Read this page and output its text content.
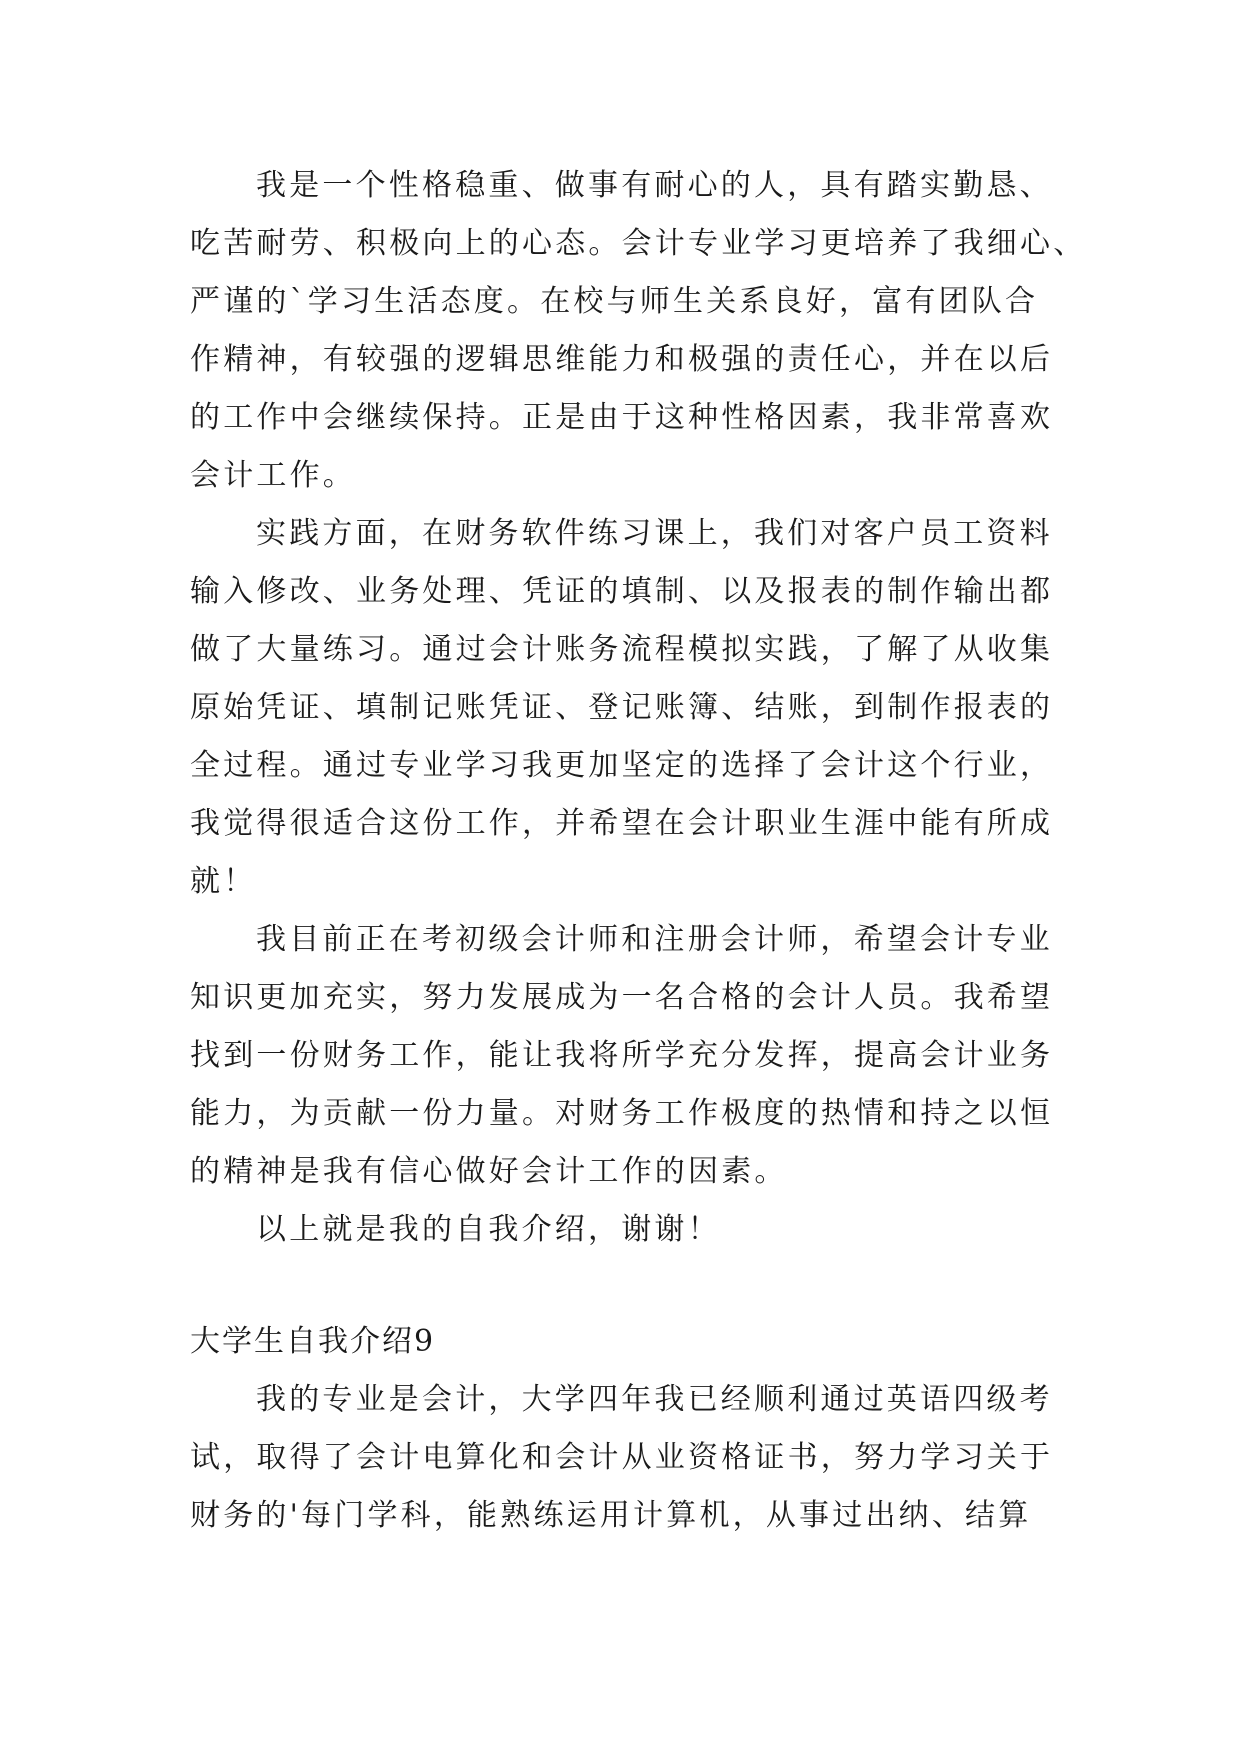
我是一个性格稳重、做事有耐心的人，具有踏实勤恳、
吃苦耐劳、积极向上的心态。会计专业学习更培养了我细心、
严谨的`学习生活态度。在校与师生关系良好，富有团队合
作精神，有较强的逻辑思维能力和极强的责任心，并在以后
的工作中会继续保持。正是由于这种性格因素，我非常喜欢
会计工作。
实践方面，在财务软件练习课上，我们对客户员工资料
输入修改、业务处理、凭证的填制、以及报表的制作输出都
做了大量练习。通过会计账务流程模拟实践，了解了从收集
原始凭证、填制记账凭证、登记账簿、结账，到制作报表的
全过程。通过专业学习我更加坚定的选择了会计这个行业，
我觉得很适合这份工作，并希望在会计职业生涯中能有所成
就！
我目前正在考初级会计师和注册会计师，希望会计专业
知识更加充实，努力发展成为一名合格的会计人员。我希望
找到一份财务工作，能让我将所学充分发挥，提高会计业务
能力，为贡献一份力量。对财务工作极度的热情和持之以恒
的精神是我有信心做好会计工作的因素。
以上就是我的自我介绍，谢谢！
大学生自我介绍9
我的专业是会计，大学四年我已经顺利通过英语四级考
试，取得了会计电算化和会计从业资格证书，努力学习关于
财务的'每门学科，能熟练运用计算机，从事过出纳、结算
